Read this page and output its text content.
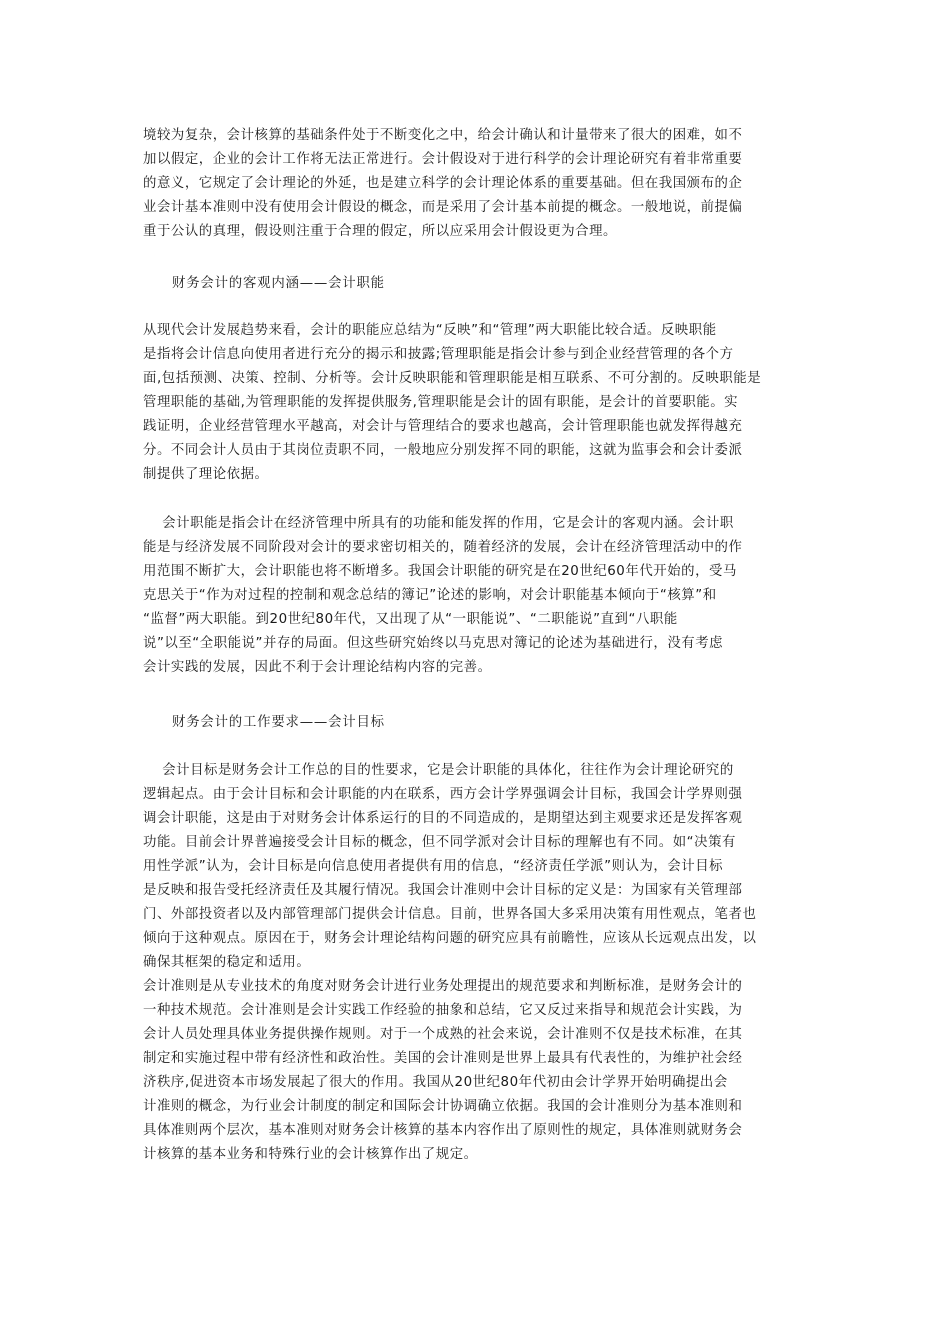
境较为复杂，会计核算的基础条件处于不断变化之中，给会计确认和计量带来了很大的困难，如不
加以假定，企业的会计工作将无法正常进行。会计假设对于进行科学的会计理论研究有着非常重要
的意义，它规定了会计理论的外延，也是建立科学的会计理论体系的重要基础。但在我国颁布的企
业会计基本准则中没有使用会计假设的概念，而是采用了会计基本前提的概念。一般地说，前提偏
重于公认的真理，假设则注重于合理的假定，所以应采用会计假设更为合理。
财务会计的客观内涵——会计职能
从现代会计发展趋势来看，会计的职能应总结为“反映”和“管理”两大职能比较合适。反映职能
是指将会计信息向使用者进行充分的揭示和披露;管理职能是指会计参与到企业经营管理的各个方
面,包括预测、决策、控制、分析等。会计反映职能和管理职能是相互联系、不可分割的。反映职能是
管理职能的基础,为管理职能的发挥提供服务,管理职能是会计的固有职能，是会计的首要职能。实
践证明，企业经营管理水平越高，对会计与管理结合的要求也越高，会计管理职能也就发挥得越充
分。不同会计人员由于其岗位责职不同，一般地应分别发挥不同的职能，这就为监事会和会计委派
制提供了理论依据。
会计职能是指会计在经济管理中所具有的功能和能发挥的作用，它是会计的客观内涵。会计职
能是与经济发展不同阶段对会计的要求密切相关的，随着经济的发展，会计在经济管理活动中的作
用范围不断扩大，会计职能也将不断增多。我国会计职能的研究是在20世纪60年代开始的，受马
克思关于“作为对过程的控制和观念总结的簿记”论述的影响，对会计职能基本倾向于“核算”和
“监督”两大职能。到20世纪80年代，又出现了从“一职能说”、“二职能说”直到“八职能
说”以至“全职能说”并存的局面。但这些研究始终以马克思对簿记的论述为基础进行，没有考虑
会计实践的发展，因此不利于会计理论结构内容的完善。
财务会计的工作要求——会计目标
会计目标是财务会计工作总的目的性要求，它是会计职能的具体化，往往作为会计理论研究的
逻辑起点。由于会计目标和会计职能的内在联系，西方会计学界强调会计目标，我国会计学界则强
调会计职能，这是由于对财务会计体系运行的目的不同造成的，是期望达到主观要求还是发挥客观
功能。目前会计界普遍接受会计目标的概念，但不同学派对会计目标的理解也有不同。如“决策有
用性学派”认为，会计目标是向信息使用者提供有用的信息，“经济责任学派”则认为，会计目标
是反映和报告受托经济责任及其履行情况。我国会计准则中会计目标的定义是：为国家有关管理部
门、外部投资者以及内部管理部门提供会计信息。目前，世界各国大多采用决策有用性观点，笔者也
倾向于这种观点。原因在于，财务会计理论结构问题的研究应具有前瞻性，应该从长远观点出发，以
确保其框架的稳定和适用。
会计准则是从专业技术的角度对财务会计进行业务处理提出的规范要求和判断标准，是财务会计的
一种技术规范。会计准则是会计实践工作经验的抽象和总结，它又反过来指导和规范会计实践，为
会计人员处理具体业务提供操作规则。对于一个成熟的社会来说，会计准则不仅是技术标准，在其
制定和实施过程中带有经济性和政治性。美国的会计准则是世界上最具有代表性的，为维护社会经
济秩序,促进资本市场发展起了很大的作用。我国从20世纪80年代初由会计学界开始明确提出会
计准则的概念，为行业会计制度的制定和国际会计协调确立依据。我国的会计准则分为基本准则和
具体准则两个层次，基本准则对财务会计核算的基本内容作出了原则性的规定，具体准则就财务会
计核算的基本业务和特殊行业的会计核算作出了规定。
